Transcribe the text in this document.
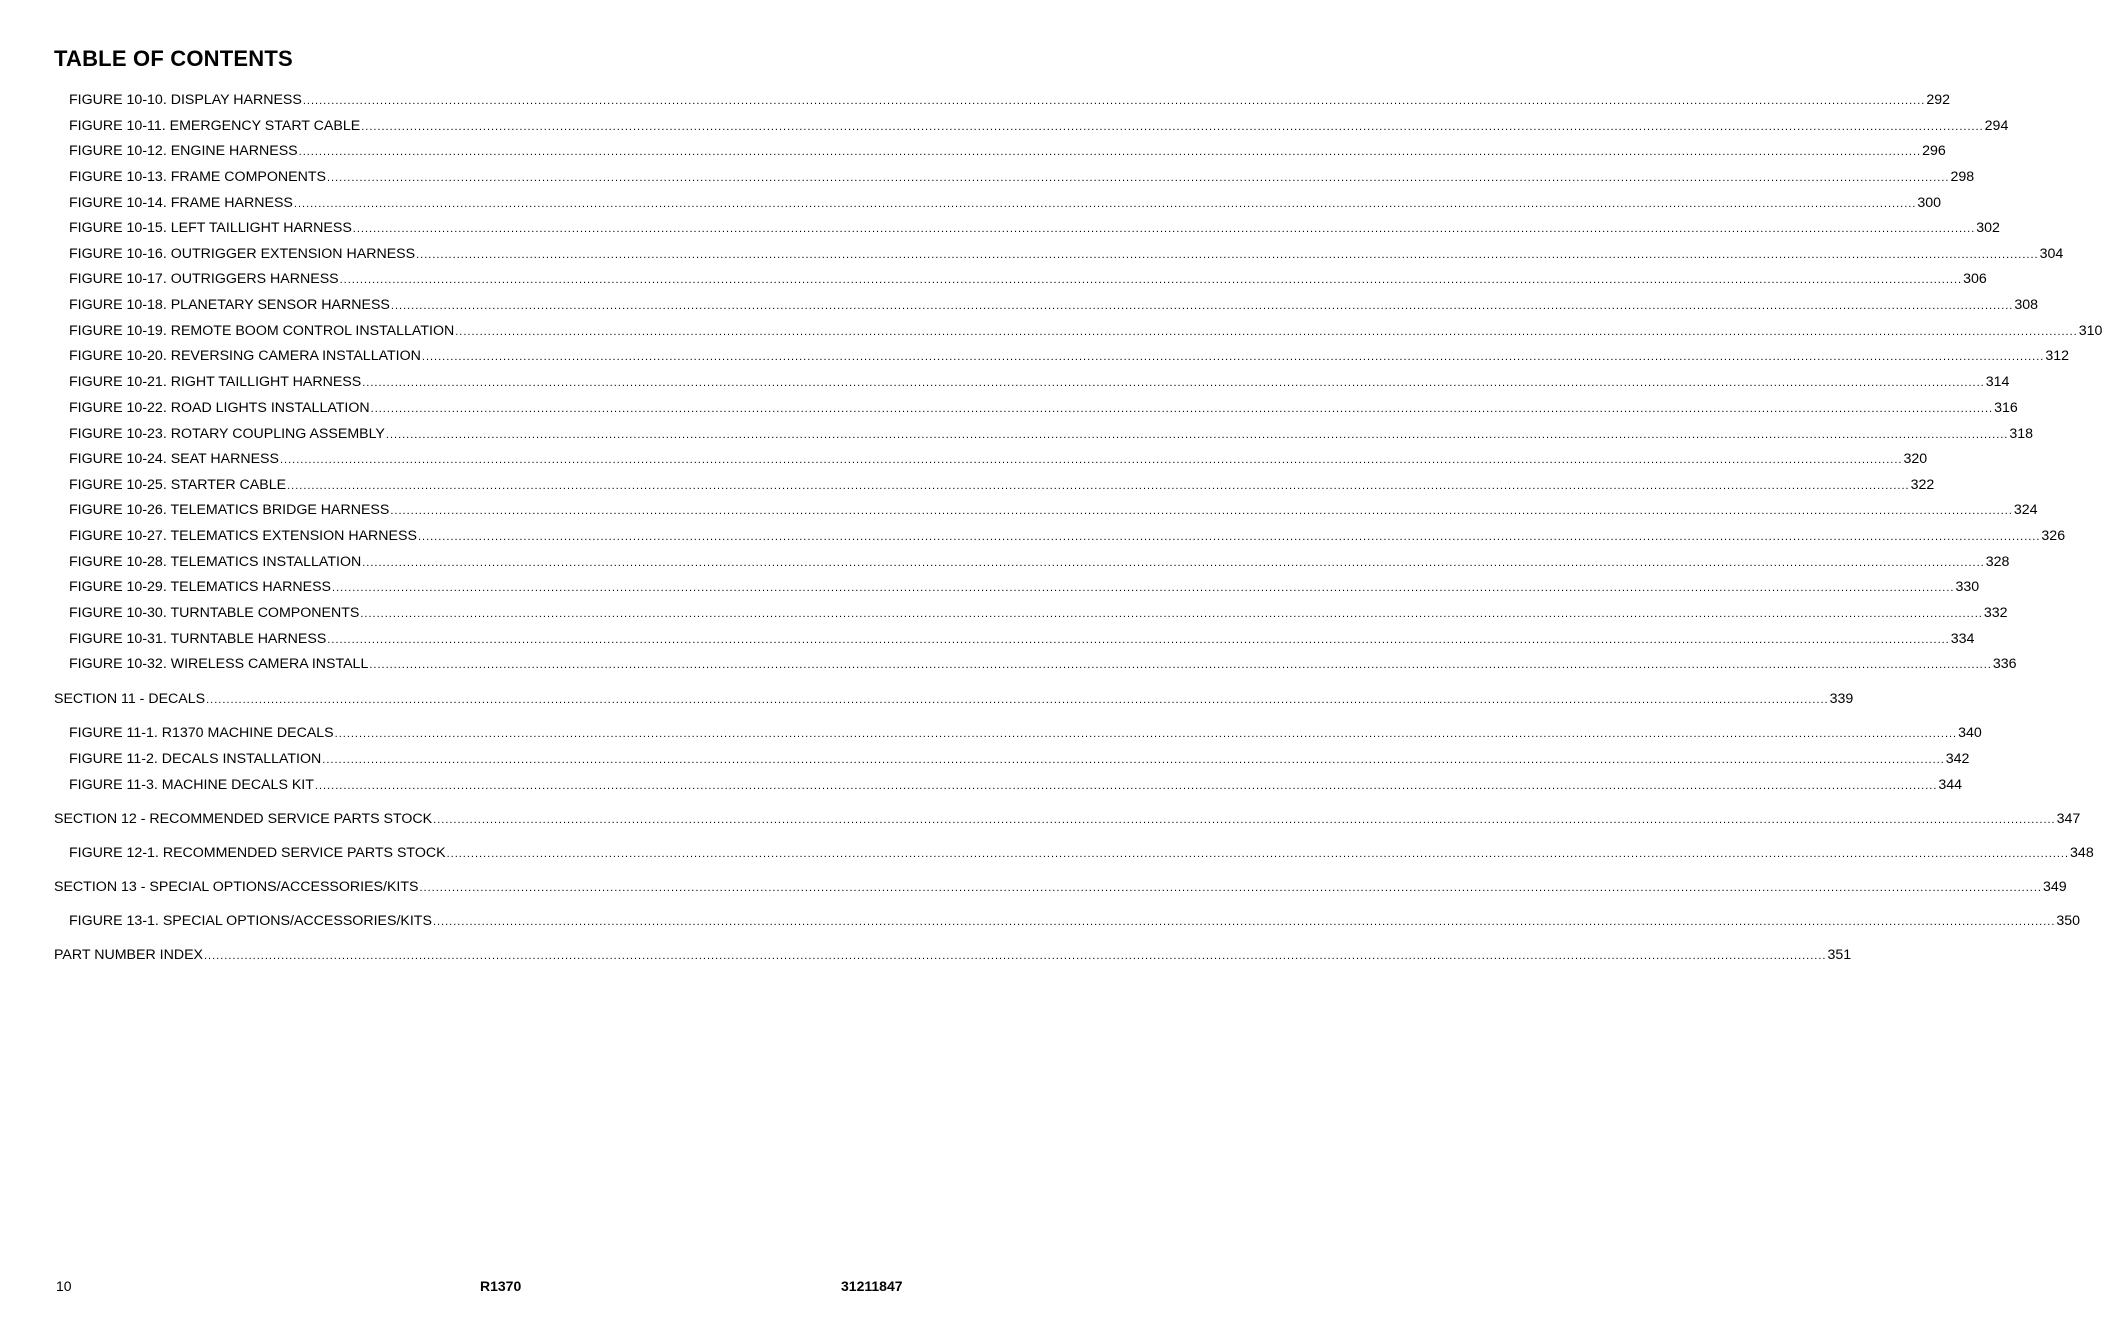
TABLE OF CONTENTS
FIGURE 10-10. DISPLAY HARNESS ................................................................................................................................................................................................................................................................................................................................................................................................................ 292
FIGURE 10-11. EMERGENCY START CABLE ................................................................................................................................................................................................................................................................................................................................................................................................................ 294
FIGURE 10-12. ENGINE HARNESS ................................................................................................................................................................................................................................................................................................................................................................................................................ 296
FIGURE 10-13. FRAME COMPONENTS ................................................................................................................................................................................................................................................................................................................................................................................................................ 298
FIGURE 10-14. FRAME HARNESS ................................................................................................................................................................................................................................................................................................................................................................................................................ 300
FIGURE 10-15. LEFT TAILLIGHT HARNESS ................................................................................................................................................................................................................................................................................................................................................................................................................ 302
FIGURE 10-16. OUTRIGGER EXTENSION HARNESS ................................................................................................................................................................................................................................................................................................................................................................................................................ 304
FIGURE 10-17. OUTRIGGERS HARNESS ................................................................................................................................................................................................................................................................................................................................................................................................................ 306
FIGURE 10-18. PLANETARY SENSOR HARNESS ................................................................................................................................................................................................................................................................................................................................................................................................................ 308
FIGURE 10-19. REMOTE BOOM CONTROL INSTALLATION ................................................................................................................................................................................................................................................................................................................................................................................................................ 310
FIGURE 10-20. REVERSING CAMERA INSTALLATION ................................................................................................................................................................................................................................................................................................................................................................................................................ 312
FIGURE 10-21. RIGHT TAILLIGHT HARNESS ................................................................................................................................................................................................................................................................................................................................................................................................................ 314
FIGURE 10-22. ROAD LIGHTS INSTALLATION ................................................................................................................................................................................................................................................................................................................................................................................................................ 316
FIGURE 10-23. ROTARY COUPLING ASSEMBLY ................................................................................................................................................................................................................................................................................................................................................................................................................ 318
FIGURE 10-24. SEAT HARNESS ................................................................................................................................................................................................................................................................................................................................................................................................................ 320
FIGURE 10-25. STARTER CABLE ................................................................................................................................................................................................................................................................................................................................................................................................................ 322
FIGURE 10-26. TELEMATICS BRIDGE HARNESS ................................................................................................................................................................................................................................................................................................................................................................................................................ 324
FIGURE 10-27. TELEMATICS EXTENSION HARNESS ................................................................................................................................................................................................................................................................................................................................................................................................................ 326
FIGURE 10-28. TELEMATICS INSTALLATION ................................................................................................................................................................................................................................................................................................................................................................................................................ 328
FIGURE 10-29. TELEMATICS HARNESS ................................................................................................................................................................................................................................................................................................................................................................................................................ 330
FIGURE 10-30. TURNTABLE COMPONENTS ................................................................................................................................................................................................................................................................................................................................................................................................................ 332
FIGURE 10-31. TURNTABLE HARNESS ................................................................................................................................................................................................................................................................................................................................................................................................................ 334
FIGURE 10-32. WIRELESS CAMERA INSTALL ................................................................................................................................................................................................................................................................................................................................................................................................................ 336
SECTION 11 - DECALS ................................................................................................................................................................................................................................................................................................................................................................................................................ 339
FIGURE 11-1. R1370 MACHINE DECALS ................................................................................................................................................................................................................................................................................................................................................................................................................ 340
FIGURE 11-2. DECALS INSTALLATION ................................................................................................................................................................................................................................................................................................................................................................................................................ 342
FIGURE 11-3. MACHINE DECALS KIT ................................................................................................................................................................................................................................................................................................................................................................................................................ 344
SECTION 12 - RECOMMENDED SERVICE PARTS STOCK ................................................................................................................................................................................................................................................................................................................................................................................................................ 347
FIGURE 12-1. RECOMMENDED SERVICE PARTS STOCK ................................................................................................................................................................................................................................................................................................................................................................................................................ 348
SECTION 13 - SPECIAL OPTIONS/ACCESSORIES/KITS ................................................................................................................................................................................................................................................................................................................................................................................................................ 349
FIGURE 13-1. SPECIAL OPTIONS/ACCESSORIES/KITS ................................................................................................................................................................................................................................................................................................................................................................................................................ 350
PART NUMBER INDEX ................................................................................................................................................................................................................................................................................................................................................................................................................ 351
10	R1370	31211847
